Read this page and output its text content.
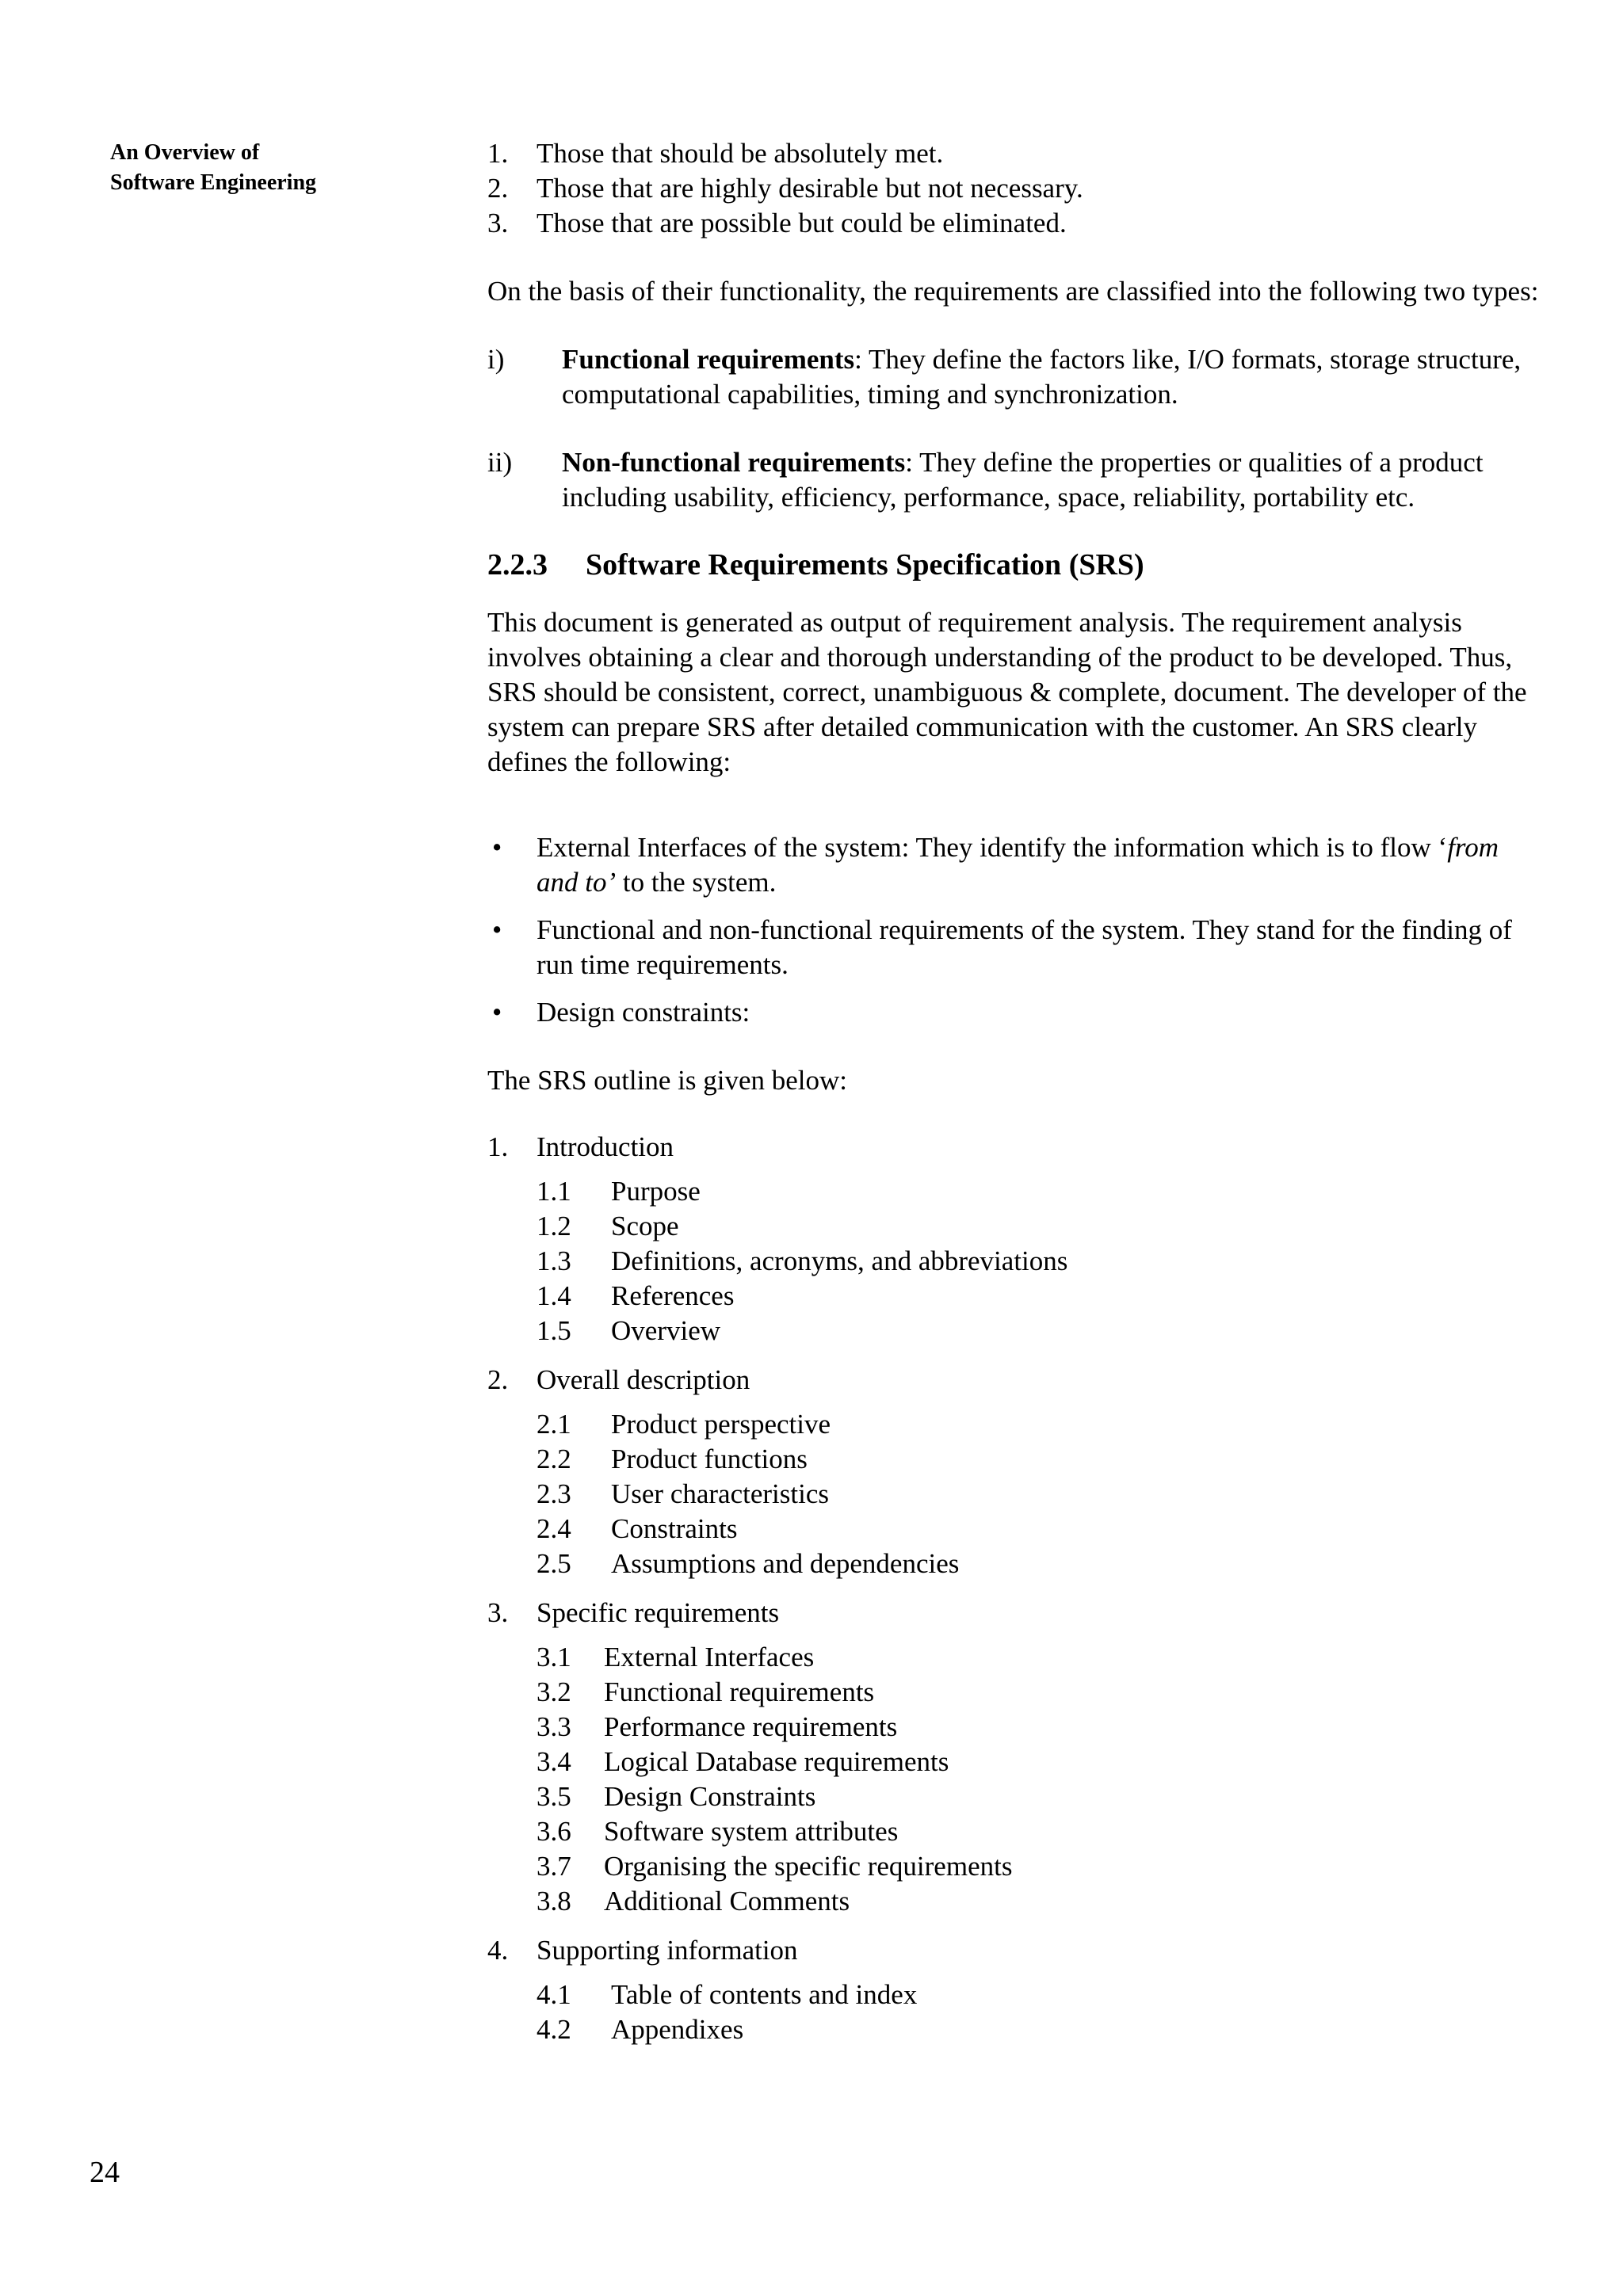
An Overview of
Software Engineering
24
1. Those that should be absolutely met.
2. Those that are highly desirable but not necessary.
3. Those that are possible but could be eliminated.

On the basis of their functionality, the requirements are classified into the following two types:

i) Functional requirements: They define the factors like, I/O formats, storage structure, computational capabilities, timing and synchronization.
ii) Non-functional requirements: They define the properties or qualities of a product including usability, efficiency, performance, space, reliability, portability etc.
2.2.3 Software Requirements Specification (SRS)

This document is generated as output of requirement analysis. The requirement analysis involves obtaining a clear and thorough understanding of the product to be developed. Thus, SRS should be consistent, correct, unambiguous & complete, document. The developer of the system can prepare SRS after detailed communication with the customer. An SRS clearly defines the following:

• External Interfaces of the system: They identify the information which is to flow ‘from and to’ to the system.
• Functional and non-functional requirements of the system. They stand for the finding of run time requirements.
• Design constraints:

The SRS outline is given below:

1. Introduction
1.1 Purpose
1.2 Scope
1.3 Definitions, acronyms, and abbreviations
1.4 References
1.5 Overview
2. Overall description
2.1 Product perspective
2.2 Product functions
2.3 User characteristics
2.4 Constraints
2.5 Assumptions and dependencies
3. Specific requirements
3.1 External Interfaces
3.2 Functional requirements
3.3 Performance requirements
3.4 Logical Database requirements
3.5 Design Constraints
3.6 Software system attributes
3.7 Organising the specific requirements
3.8 Additional Comments
4. Supporting information
4.1 Table of contents and index
4.2 Appendixes
